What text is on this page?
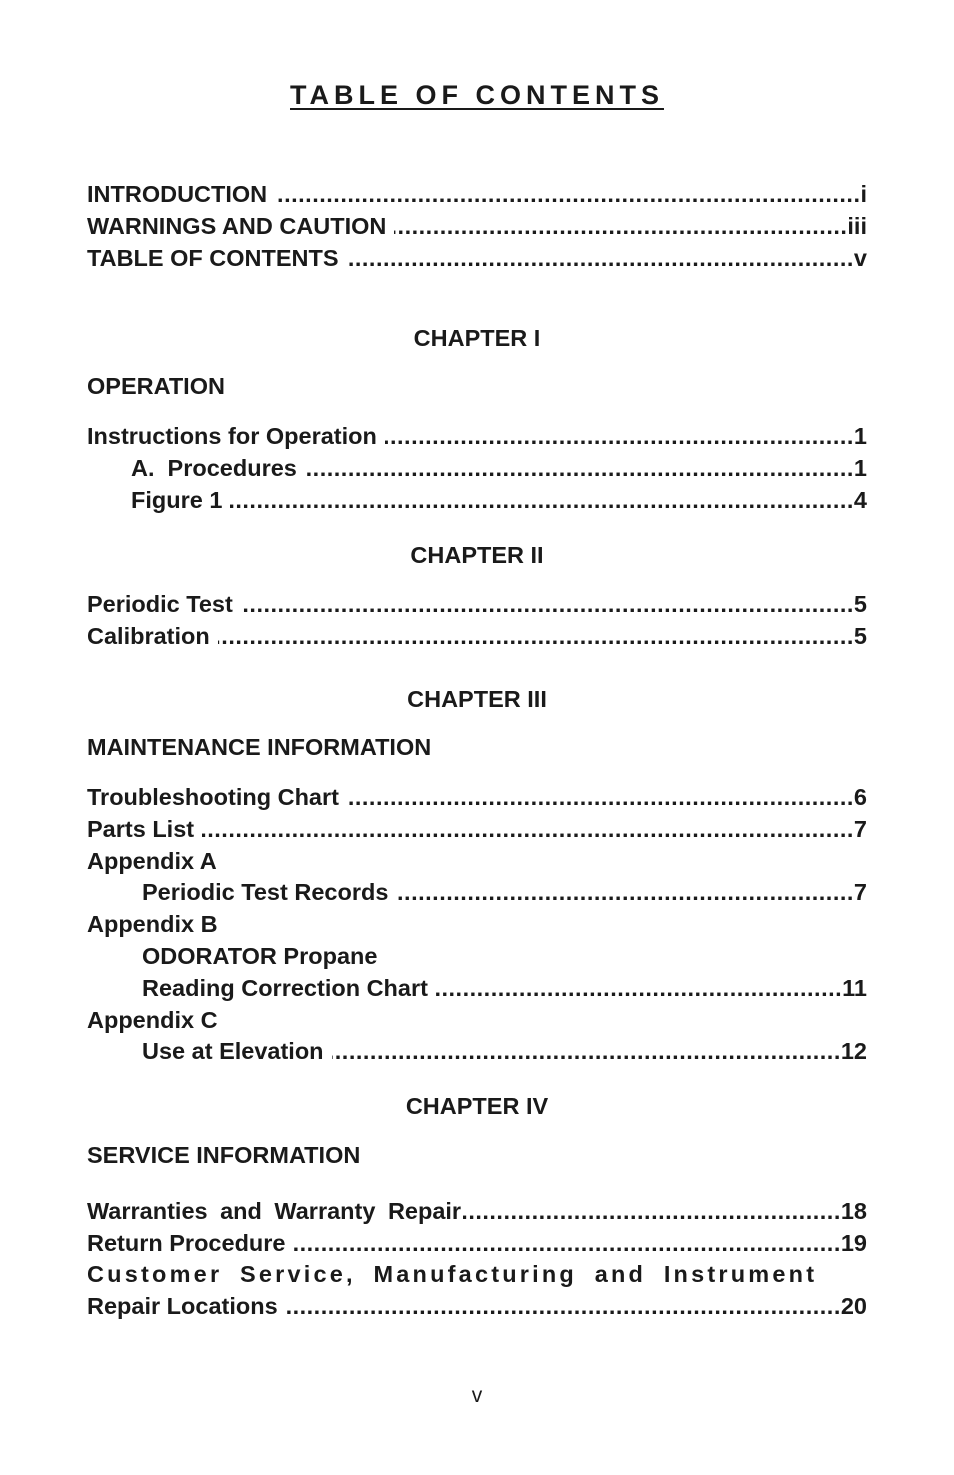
TABLE OF CONTENTS
INTRODUCTION .....	i
WARNINGS AND CAUTION .....	iii
TABLE OF CONTENTS .....	v
CHAPTER I
OPERATION
Instructions for Operation .....	1
A.  Procedures .....	1
Figure 1 .....	4
CHAPTER II
Periodic Test .....	5
Calibration .....	5
CHAPTER III
MAINTENANCE INFORMATION
Troubleshooting Chart .....	6
Parts List .....	7
Appendix A
Periodic Test Records .....	7
Appendix B
ODORATOR Propane
Reading Correction Chart .....	11
Appendix C
Use at Elevation .....	12
CHAPTER IV
SERVICE INFORMATION
Warranties and Warranty Repair .....	18
Return Procedure .....	19
Customer Service, Manufacturing and Instrument
Repair Locations .....	20
v
